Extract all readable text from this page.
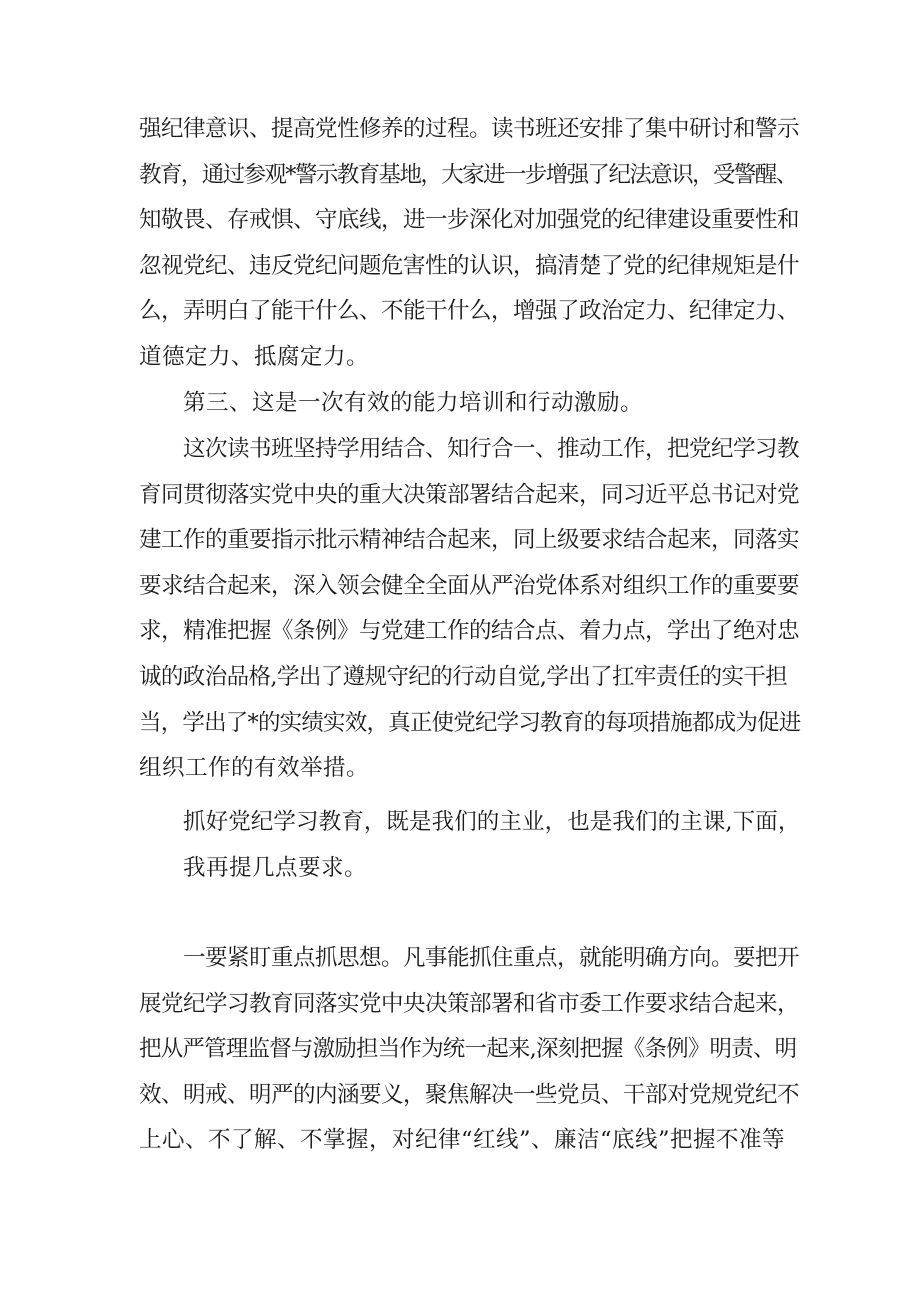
强纪律意识、提高党性修养的过程。读书班还安排了集中研讨和警示
教育，通过参观*警示教育基地，大家进一步增强了纪法意识，受警醒、
知敬畏、存戒惧、守底线，进一步深化对加强党的纪律建设重要性和
忽视党纪、违反党纪问题危害性的认识，搞清楚了党的纪律规矩是什
么，弄明白了能干什么、不能干什么，增强了政治定力、纪律定力、
道德定力、抵腐定力。
第三、这是一次有效的能力培训和行动激励。
这次读书班坚持学用结合、知行合一、推动工作，把党纪学习教
育同贯彻落实党中央的重大决策部署结合起来，同习近平总书记对党
建工作的重要指示批示精神结合起来，同上级要求结合起来，同落实
要求结合起来，深入领会健全全面从严治党体系对组织工作的重要要
求，精准把握《条例》与党建工作的结合点、着力点，学出了绝对忠
诚的政治品格,学出了遵规守纪的行动自觉,学出了扛牢责任的实干担
当，学出了*的实绩实效，真正使党纪学习教育的每项措施都成为促进
组织工作的有效举措。
抓好党纪学习教育，既是我们的主业，也是我们的主课,下面，
我再提几点要求。
一要紧盯重点抓思想。凡事能抓住重点，就能明确方向。要把开
展党纪学习教育同落实党中央决策部署和省市委工作要求结合起来，
把从严管理监督与激励担当作为统一起来,深刻把握《条例》明责、明
效、明戒、明严的内涵要义，聚焦解决一些党员、干部对党规党纪不
上心、不了解、不掌握，对纪律“红线”、廉洁“底线”把握不准等
